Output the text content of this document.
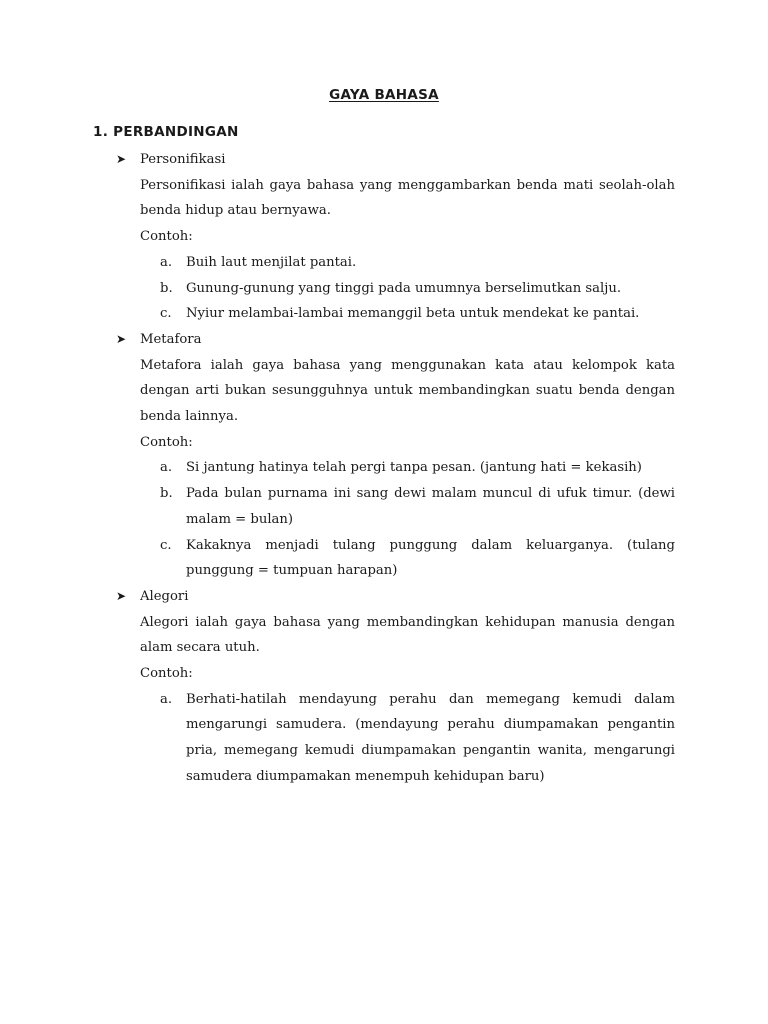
GAYA BAHASA
1. PERBANDINGAN
➤ Personifikasi
Personifikasi ialah gaya bahasa yang menggambarkan benda mati seolah-olah benda hidup atau bernyawa.
Contoh:
a. Buih laut menjilat pantai.
b. Gunung-gunung yang tinggi pada umumnya berselimutkan salju.
c. Nyiur melambai-lambai memanggil beta untuk mendekat ke pantai.
➤ Metafora
Metafora ialah gaya bahasa yang menggunakan kata atau kelompok kata dengan arti bukan sesungguhnya untuk membandingkan suatu benda dengan benda lainnya.
Contoh:
a. Si jantung hatinya telah pergi tanpa pesan. (jantung hati = kekasih)
b. Pada bulan purnama ini sang dewi malam muncul di ufuk timur. (dewi malam = bulan)
c. Kakaknya menjadi tulang punggung dalam keluarganya. (tulang punggung = tumpuan harapan)
➤ Alegori
Alegori ialah gaya bahasa yang membandingkan kehidupan manusia dengan alam secara utuh.
Contoh:
a. Berhati-hatilah mendayung perahu dan memegang kemudi dalam mengarungi samudera. (mendayung perahu diumpamakan pengantin pria, memegang kemudi diumpamakan pengantin wanita, mengarungi samudera diumpamakan menempuh kehidupan baru)
